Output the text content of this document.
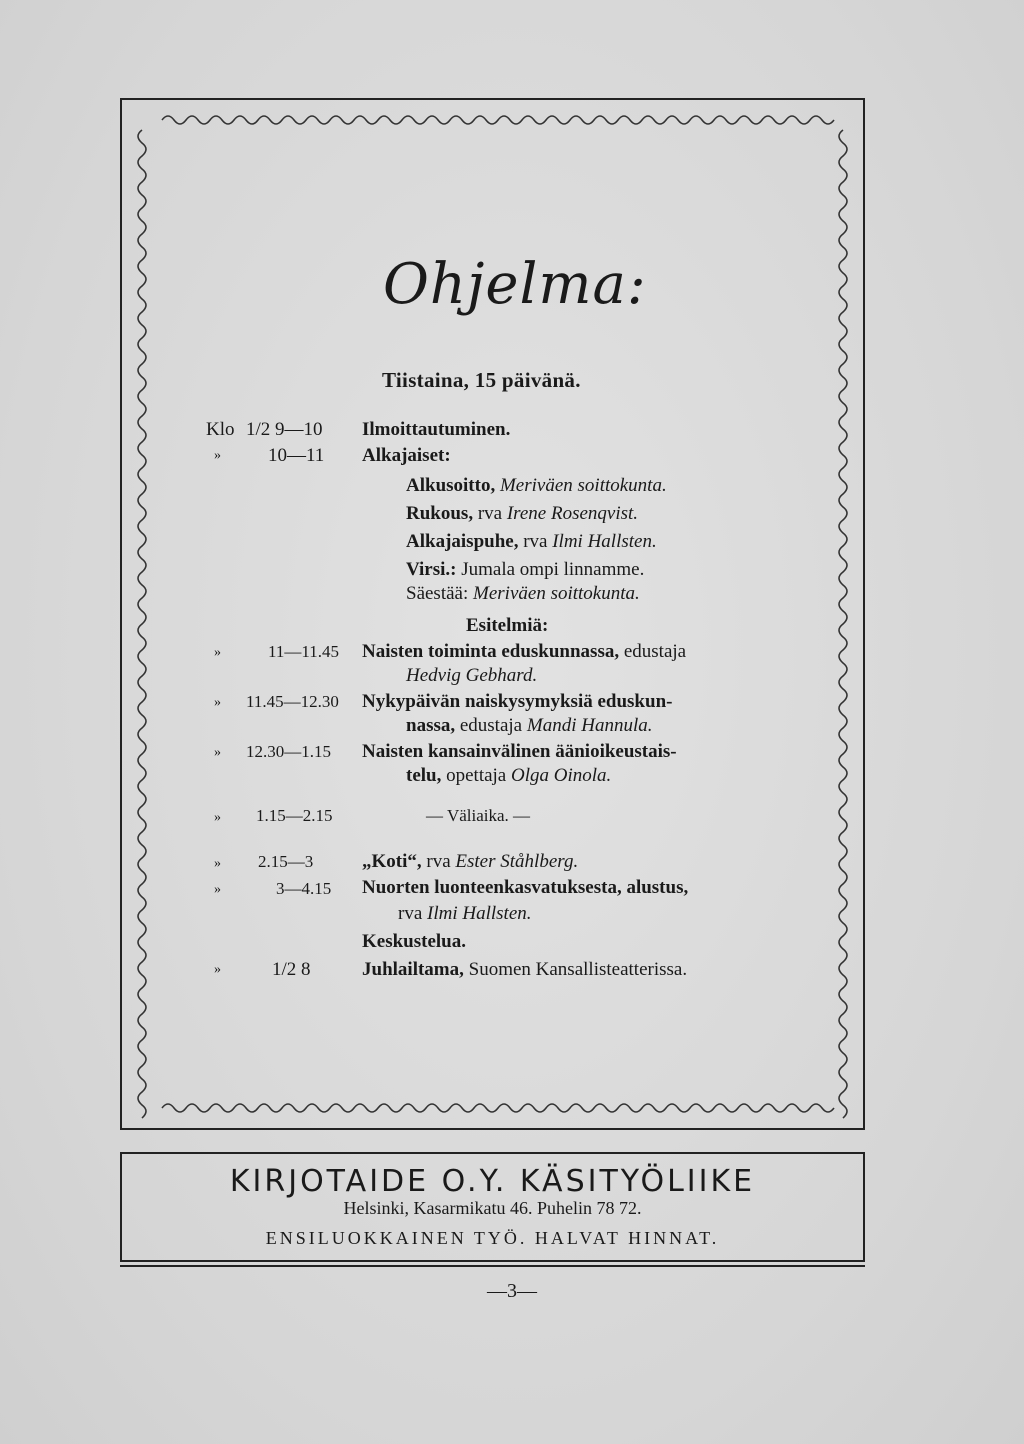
Ohjelma:
Tiistaina, 15 päivänä.
Klo 1/2 9—10 Ilmoittautuminen.
» 10—11 Alkajaiset:
Alkusoitto, Meriväen soittokunta.
Rukous, rva Irene Rosenqvist.
Alkajaispuhe, rva Ilmi Hallsten.
Virsi.: Jumala ompi linnamme.
Säestää: Meriväen soittokunta.
Esitelmiä:
»	11—11.45 Naisten toiminta eduskunnassa, edustaja
Hedvig Gebhard.
» 11.45—12.30 Nykypäivän naiskysymyksiä eduskun-
nassa, edustaja Mandi Hannula.
» 12.30—1.15 Naisten kansainvälinen äänioikeustais-
telu, opettaja Olga Oinola.
» 1.15—2.15	— Väliaika. —
» 2.15—3	„Koti“, rva Ester Ståhlberg.
»	3—4.15 Nuorten luonteenkasvatuksesta, alustus,
rva Ilmi Hallsten.
Keskustelua.
»	1/2 8	Juhlailtama, Suomen Kansallisteatterissa.
KIRJOTAIDE O.Y. KÄSITYÖLIIKE
Helsinki, Kasarmikatu 46. Puhelin 78 72.
ENSILUOKKAINEN TYÖ. HALVAT HINNAT.
—3—
